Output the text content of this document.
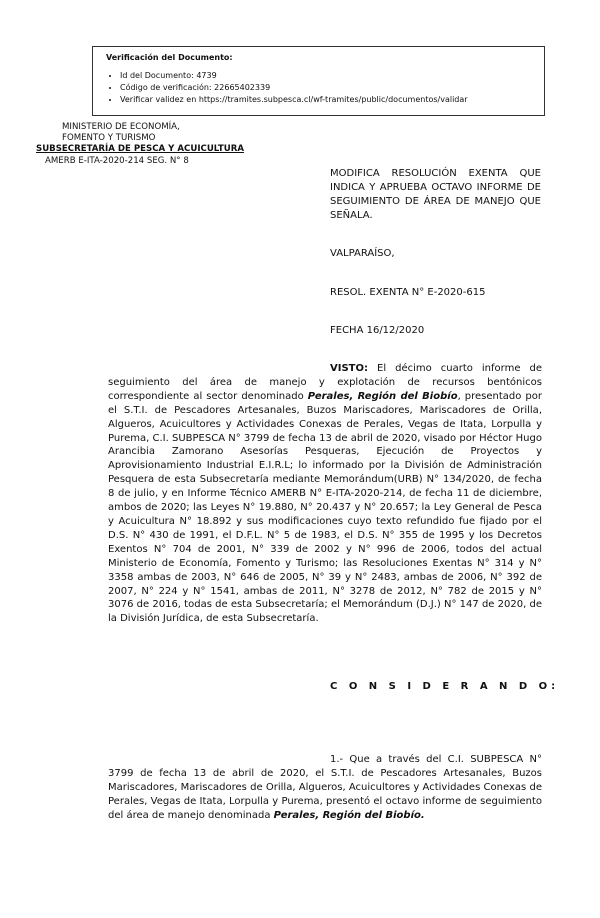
Verificación del Documento:
• Id del Documento: 4739
• Código de verificación: 22665402339
• Verificar validez en https://tramites.subpesca.cl/wf-tramites/public/documentos/validar
MINISTERIO DE ECONOMÍA,
FOMENTO Y TURISMO
SUBSECRETARÍA DE PESCA Y ACUICULTURA
AMERB E-ITA-2020-214 SEG. N° 8
MODIFICA RESOLUCIÓN EXENTA QUE INDICA Y APRUEBA OCTAVO INFORME DE SEGUIMIENTO DE ÁREA DE MANEJO QUE SEÑALA.
VALPARAÍSO,
RESOL. EXENTA N° E-2020-615
FECHA 16/12/2020
VISTO: El décimo cuarto informe de seguimiento del área de manejo y explotación de recursos bentónicos correspondiente al sector denominado Perales, Región del Biobío, presentado por el S.T.I. de Pescadores Artesanales, Buzos Mariscadores, Mariscadores de Orilla, Algueros, Acuicultores y Actividades Conexas de Perales, Vegas de Itata, Lorpulla y Purema, C.I. SUBPESCA N° 3799 de fecha 13 de abril de 2020, visado por Héctor Hugo Arancibia Zamorano Asesorías Pesqueras, Ejecución de Proyectos y Aprovisionamiento Industrial E.I.R.L; lo informado por la División de Administración Pesquera de esta Subsecretaría mediante Memorándum(URB) N° 134/2020, de fecha 8 de julio, y en Informe Técnico AMERB N° E-ITA-2020-214, de fecha 11 de diciembre, ambos de 2020; las Leyes N° 19.880, N° 20.437 y N° 20.657; la Ley General de Pesca y Acuicultura N° 18.892 y sus modificaciones cuyo texto refundido fue fijado por el D.S. N° 430 de 1991, el D.F.L. N° 5 de 1983, el D.S. N° 355 de 1995 y los Decretos Exentos N° 704 de 2001, N° 339 de 2002 y N° 996 de 2006, todos del actual Ministerio de Economía, Fomento y Turismo; las Resoluciones Exentas N° 314 y N° 3358 ambas de 2003, N° 646 de 2005, N° 39 y N° 2483, ambas de 2006, N° 392 de 2007, N° 224 y N° 1541, ambas de 2011, N° 3278 de 2012, N° 782 de 2015 y N° 3076 de 2016, todas de esta Subsecretaría; el Memorándum (D.J.) N° 147 de 2020, de la División Jurídica, de esta Subsecretaría.
C O N S I D E R A N D O:
1.- Que a través del C.I. SUBPESCA N° 3799 de fecha 13 de abril de 2020, el S.T.I. de Pescadores Artesanales, Buzos Mariscadores, Mariscadores de Orilla, Algueros, Acuicultores y Actividades Conexas de Perales, Vegas de Itata, Lorpulla y Purema, presentó el octavo informe de seguimiento del área de manejo denominada Perales, Región del Biobío.
